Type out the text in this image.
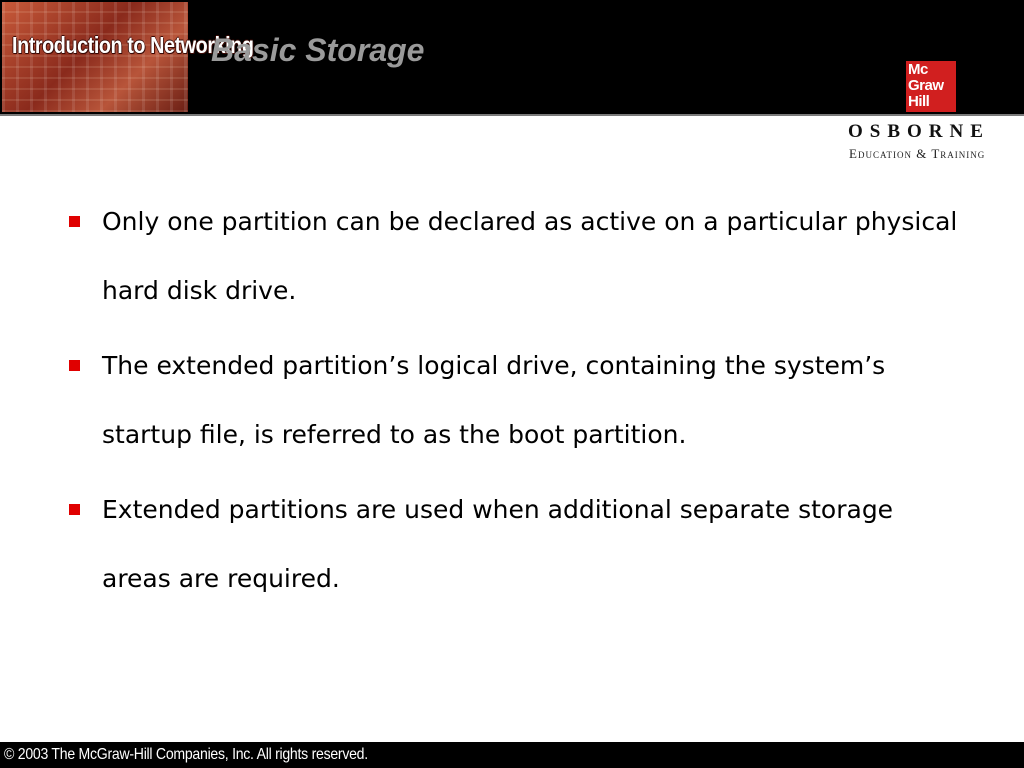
Introduction to Networking
Basic Storage
Mc
Graw
Hill
OSBORNE
Education & Training
Only one partition can be declared as active on a particular physical hard disk drive.
The extended partition’s logical drive, containing the system’s startup file, is referred to as the boot partition.
Extended partitions are used when additional separate storage areas are required.
© 2003 The McGraw-Hill Companies, Inc. All rights reserved.
